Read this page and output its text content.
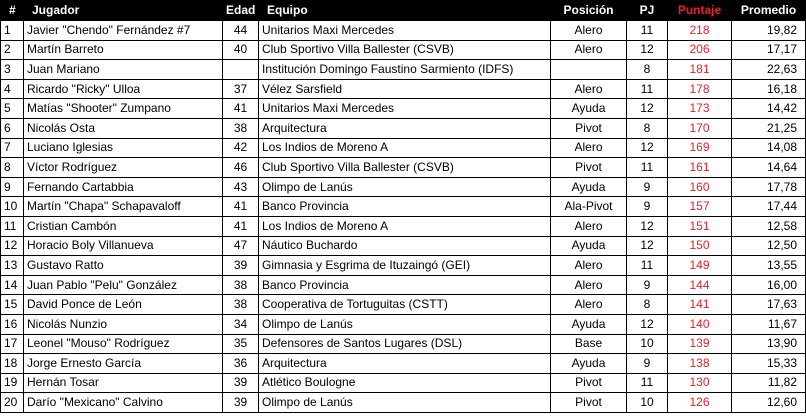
#	Jugador	Edad	Equipo	Posición	PJ	Puntaje	Promedio
1	Javier "Chendo" Fernández #7	44	Unitarios Maxi Mercedes	Alero	11	218	19,82
2	Martín Barreto	40	Club Sportivo Villa Ballester (CSVB)	Alero	12	206	17,17
3	Juan Mariano		Institución Domingo Faustino Sarmiento (IDFS)		8	181	22,63
4	Ricardo "Ricky" Ulloa	37	Vélez Sarsfield	Alero	11	178	16,18
5	Matías "Shooter" Zumpano	41	Unitarios Maxi Mercedes	Ayuda	12	173	14,42
6	Nicolás Osta	38	Arquitectura	Pivot	8	170	21,25
7	Luciano Iglesias	42	Los Indios de Moreno A	Alero	12	169	14,08
8	Víctor Rodríguez	46	Club Sportivo Villa Ballester (CSVB)	Pivot	11	161	14,64
9	Fernando Cartabbia	43	Olimpo de Lanús	Ayuda	9	160	17,78
10	Martín "Chapa" Schapavaloff	41	Banco Provincia	Ala-Pivot	9	157	17,44
11	Cristian Cambón	41	Los Indios de Moreno A	Alero	12	151	12,58
12	Horacio Boly Villanueva	47	Náutico Buchardo	Ayuda	12	150	12,50
13	Gustavo Ratto	39	Gimnasia y Esgrima de Ituzaingó (GEI)	Alero	11	149	13,55
14	Juan Pablo "Pelu" González	38	Banco Provincia	Alero	9	144	16,00
15	David Ponce de León	38	Cooperativa de Tortuguitas (CSTT)	Alero	8	141	17,63
16	Nicolás Nunzio	34	Olimpo de Lanús	Ayuda	12	140	11,67
17	Leonel "Mouso" Rodríguez	35	Defensores de Santos Lugares (DSL)	Base	10	139	13,90
18	Jorge Ernesto García	36	Arquitectura	Ayuda	9	138	15,33
19	Hernán Tosar	39	Atlético Boulogne	Pivot	11	130	11,82
20	Darío "Mexicano" Calvino	39	Olimpo de Lanús	Pivot	10	126	12,60
